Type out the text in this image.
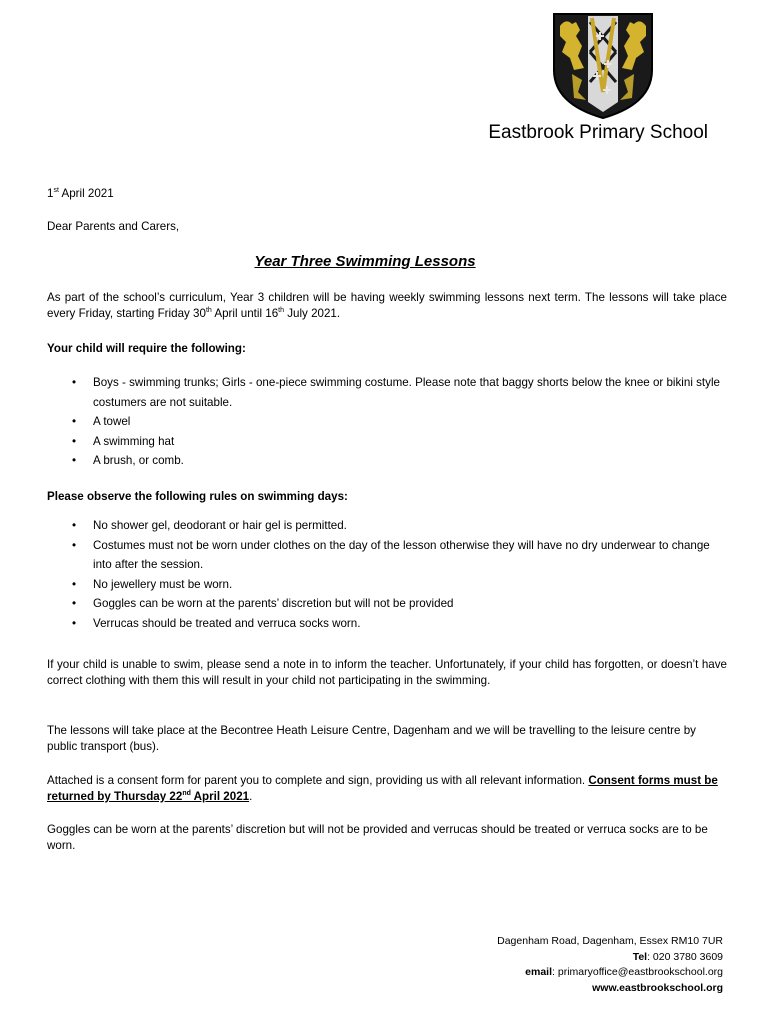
Eastbrook Primary School
1st April 2021
Dear Parents and Carers,
Year Three Swimming Lessons
As part of the school’s curriculum, Year 3 children will be having weekly swimming lessons next term. The lessons will take place every Friday, starting Friday 30th April until 16th July 2021.
Your child will require the following:
• Boys - swimming trunks; Girls - one-piece swimming costume. Please note that baggy shorts below the knee or bikini style costumers are not suitable.
• A towel
• A swimming hat
• A brush, or comb.
Please observe the following rules on swimming days:
• No shower gel, deodorant or hair gel is permitted.
• Costumes must not be worn under clothes on the day of the lesson otherwise they will have no dry underwear to change into after the session.
• No jewellery must be worn.
• Goggles can be worn at the parents’ discretion but will not be provided
• Verrucas should be treated and verruca socks worn.
If your child is unable to swim, please send a note in to inform the teacher. Unfortunately, if your child has forgotten, or doesn’t have correct clothing with them this will result in your child not participating in the swimming.
The lessons will take place at the Becontree Heath Leisure Centre, Dagenham and we will be travelling to the leisure centre by public transport (bus).
Attached is a consent form for parent you to complete and sign, providing us with all relevant information. Consent forms must be returned by Thursday 22nd April 2021.
Goggles can be worn at the parents’ discretion but will not be provided and verrucas should be treated or verruca socks are to be worn.
Dagenham Road, Dagenham, Essex RM10 7UR
Tel: 020 3780 3609
email: primaryoffice@eastbrookschool.org
www.eastbrookschool.org
